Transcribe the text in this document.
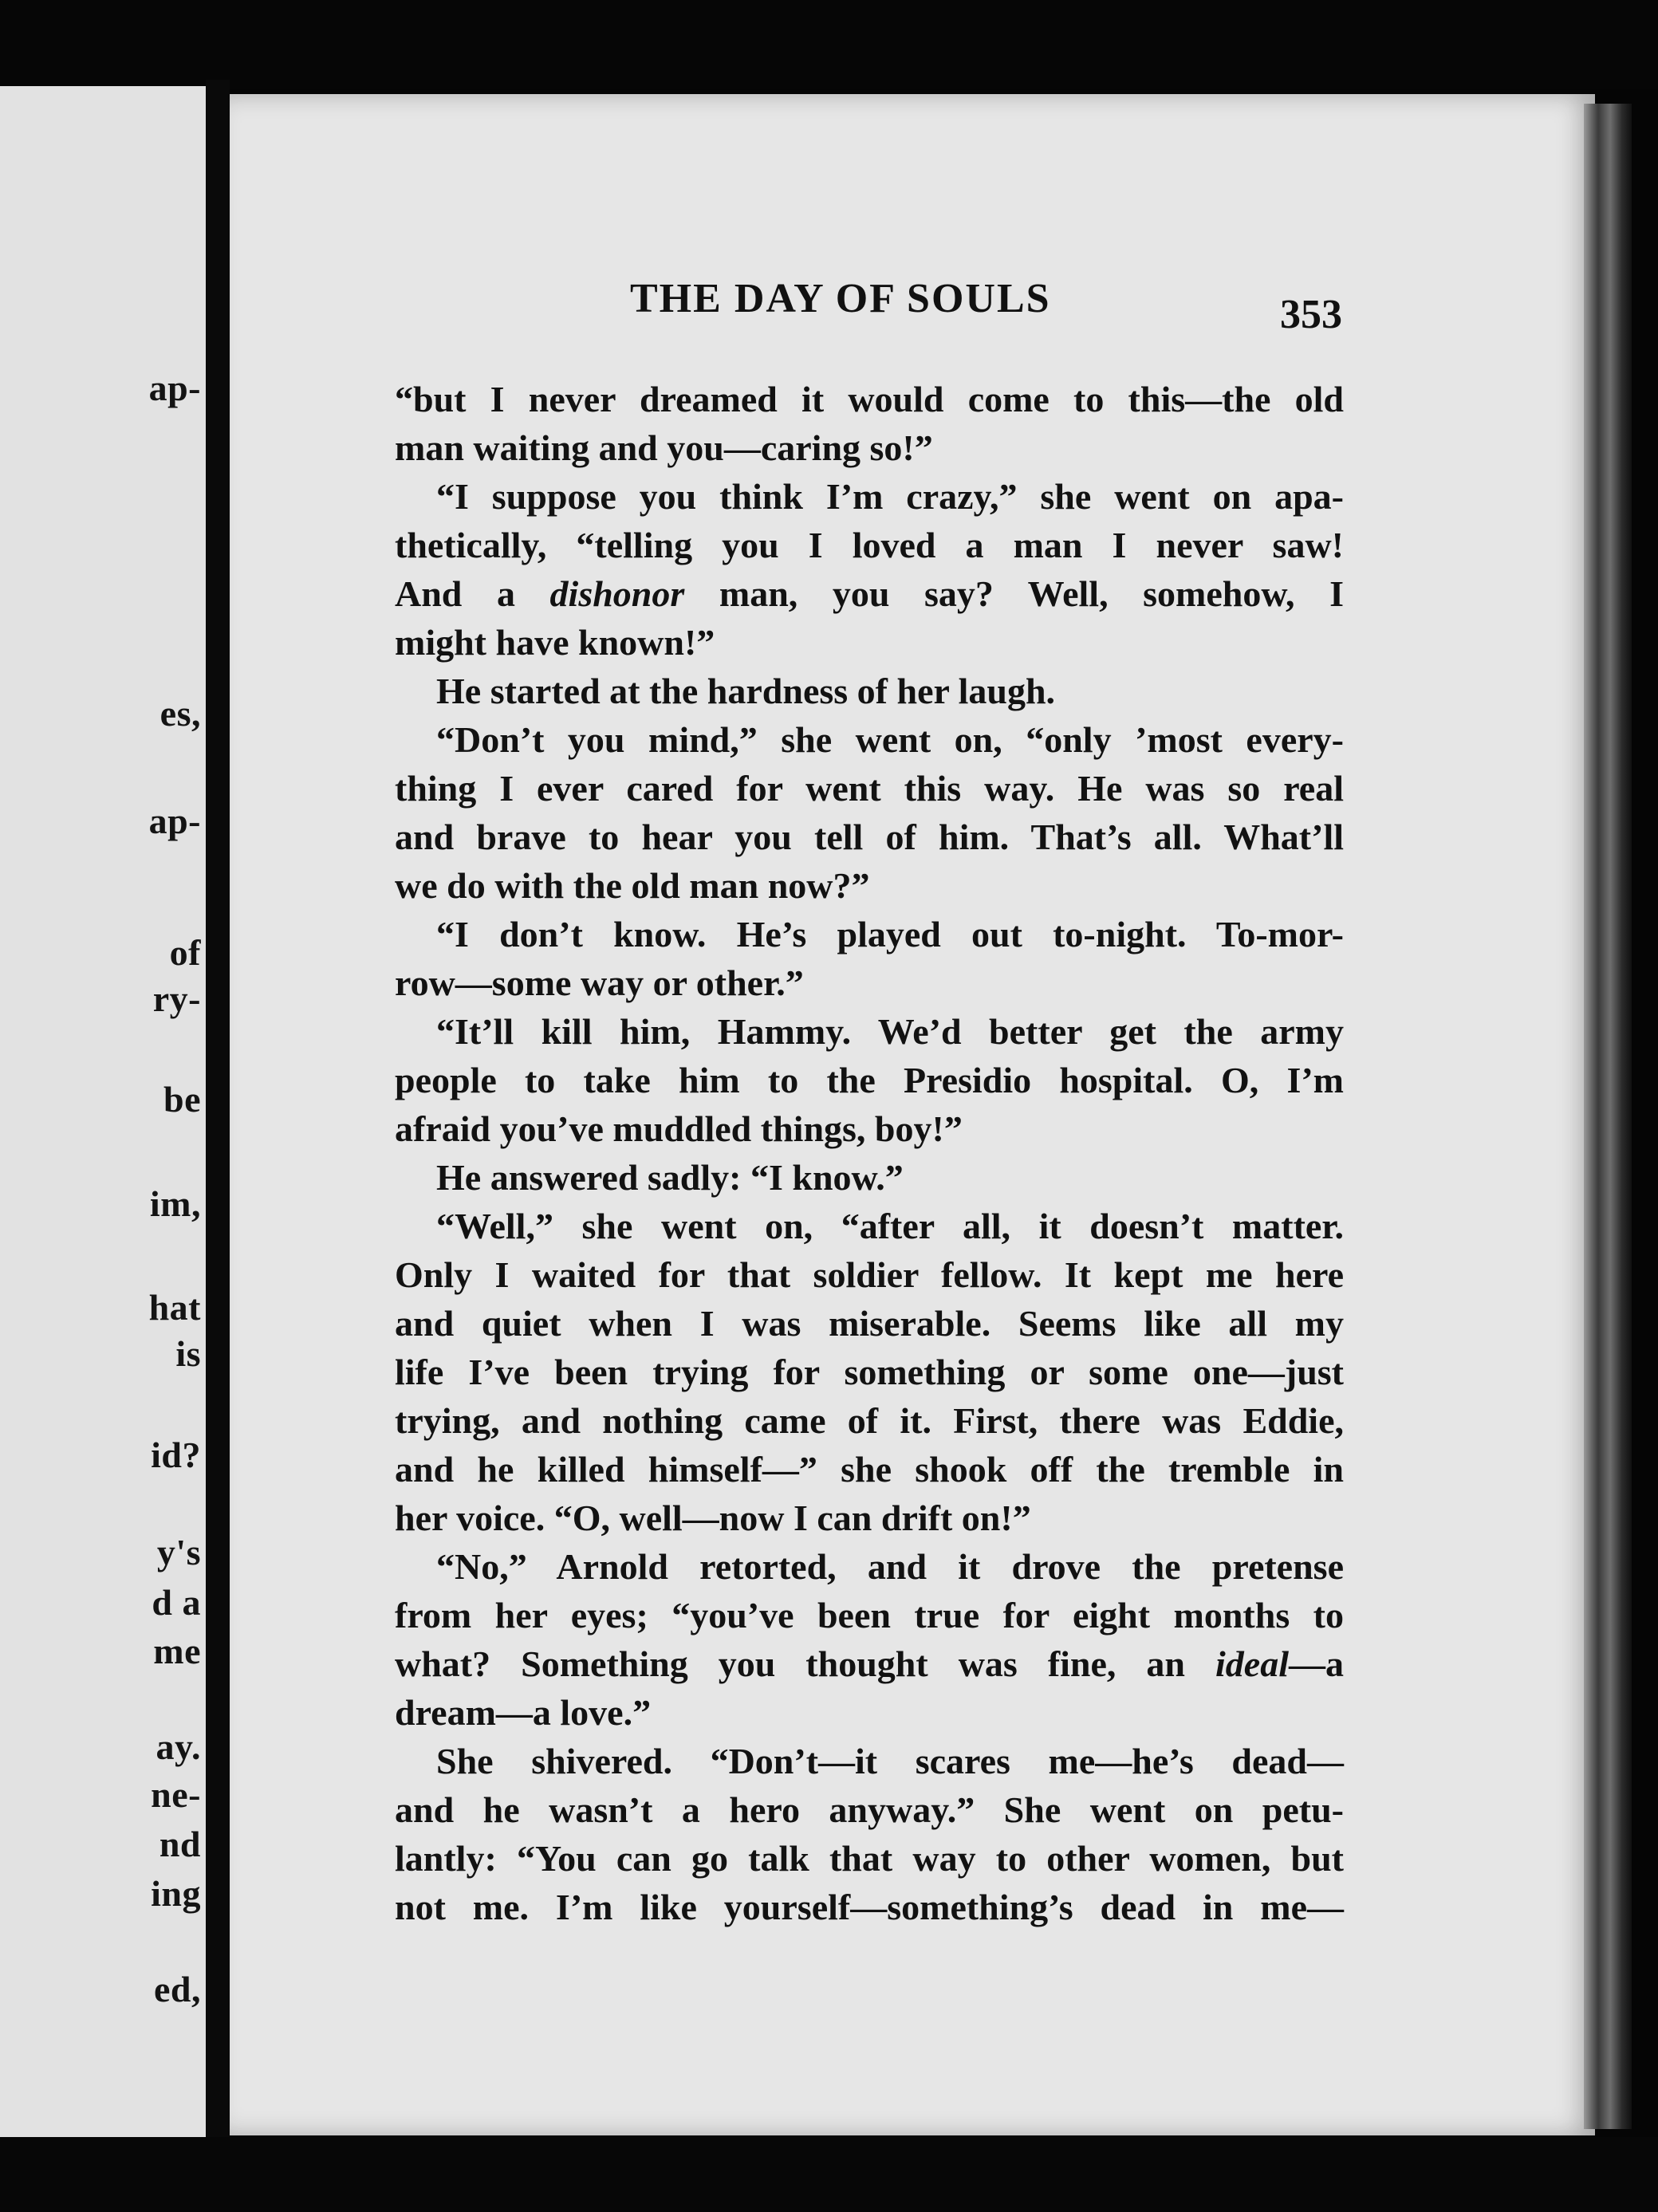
ap-
es,
ap-
of
ry-
be
im,
hat
is
id?
y's
d a
me
ay.
ne-
nd
ing
ed,
THE DAY OF SOULS	353
“but I never dreamed it would come to this—the old
man waiting and you—caring so!”
“I suppose you think I’m crazy,” she went on apa-
thetically, “telling you I loved a man I never saw!
And a dishonor man, you say? Well, somehow, I
might have known!”
He started at the hardness of her laugh.
“Don’t you mind,” she went on, “only ’most every-
thing I ever cared for went this way. He was so real
and brave to hear you tell of him. That’s all. What’ll
we do with the old man now?”
“I don’t know. He’s played out to-night. To-mor-
row—some way or other.”
“It’ll kill him, Hammy. We’d better get the army
people to take him to the Presidio hospital. O, I’m
afraid you’ve muddled things, boy!”
He answered sadly: “I know.”
“Well,” she went on, “after all, it doesn’t matter.
Only I waited for that soldier fellow. It kept me here
and quiet when I was miserable. Seems like all my
life I’ve been trying for something or some one—just
trying, and nothing came of it. First, there was Eddie,
and he killed himself—” she shook off the tremble in
her voice. “O, well—now I can drift on!”
“No,” Arnold retorted, and it drove the pretense
from her eyes; “you’ve been true for eight months to
what? Something you thought was fine, an ideal—a
dream—a love.”
She shivered. “Don’t—it scares me—he’s dead—
and he wasn’t a hero anyway.” She went on petu-
lantly: “You can go talk that way to other women, but
not me. I’m like yourself—something’s dead in me—
